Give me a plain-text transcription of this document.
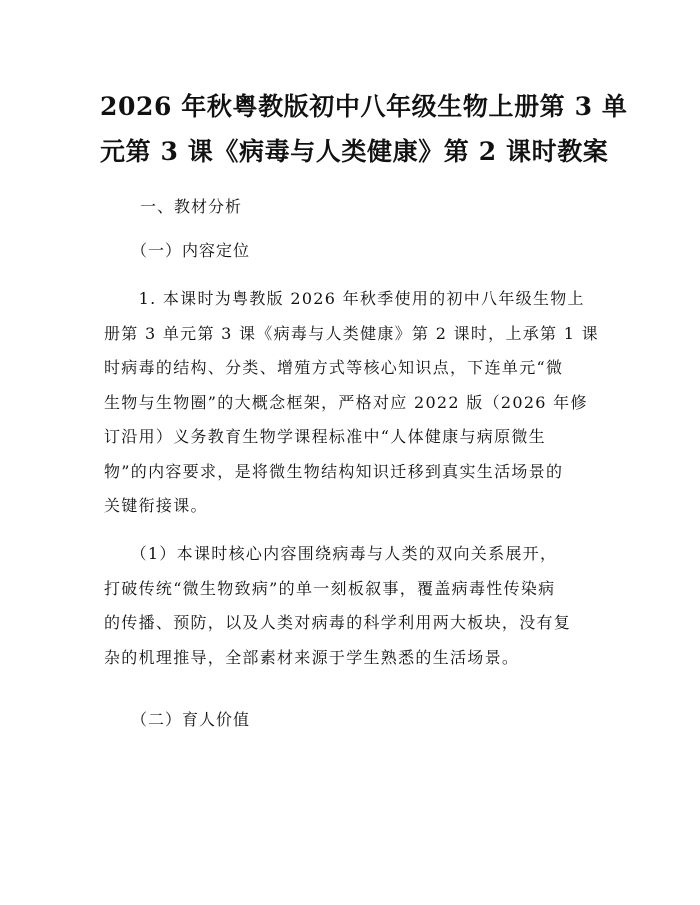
2026 年秋粤教版初中八年级生物上册第 3 单
元第 3 课《病毒与人类健康》第 2 课时教案
一、教材分析
（一）内容定位
　　1. 本课时为粤教版 2026 年秋季使用的初中八年级生物上
册第 3 单元第 3 课《病毒与人类健康》第 2 课时，上承第 1 课
时病毒的结构、分类、增殖方式等核心知识点，下连单元“微
生物与生物圈”的大概念框架，严格对应 2022 版（2026 年修
订沿用）义务教育生物学课程标准中“人体健康与病原微生
物”的内容要求，是将微生物结构知识迁移到真实生活场景的
关键衔接课。
　　（1）本课时核心内容围绕病毒与人类的双向关系展开，
打破传统“微生物致病”的单一刻板叙事，覆盖病毒性传染病
的传播、预防，以及人类对病毒的科学利用两大板块，没有复
杂的机理推导，全部素材来源于学生熟悉的生活场景。
（二）育人价值
